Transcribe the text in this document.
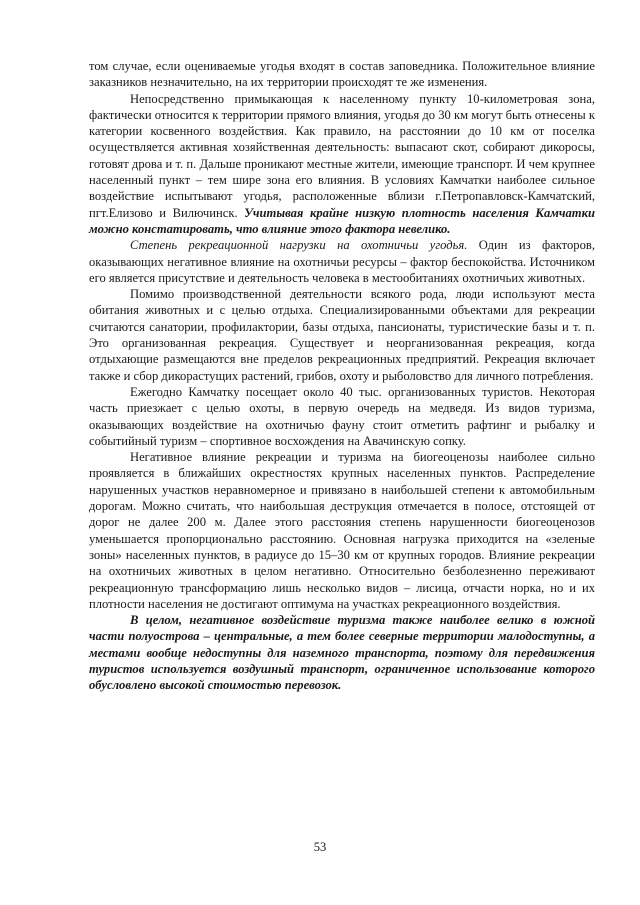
том случае, если оцениваемые угодья входят в состав заповедника. Положительное влияние заказников незначительно, на их территории происходят те же изменения.

Непосредственно примыкающая к населенному пункту 10-километровая зона, фактически относится к территории прямого влияния, угодья до 30 км могут быть отнесены к категории косвенного воздействия. Как правило, на расстоянии до 10 км от поселка осуществляется активная хозяйственная деятельность: выпасают скот, собирают дикоросы, готовят дрова и т. п. Дальше проникают местные жители, имеющие транспорт. И чем крупнее населенный пункт – тем шире зона его влияния. В условиях Камчатки наиболее сильное воздействие испытывают угодья, расположенные вблизи г.Петропавловск-Камчатский, пгт.Елизово и Вилючинск. Учитывая крайне низкую плотность населения Камчатки можно констатировать, что влияние этого фактора невелико.

Степень рекреационной нагрузки на охотничьи угодья. Один из факторов, оказывающих негативное влияние на охотничьи ресурсы – фактор беспокойства. Источником его является присутствие и деятельность человека в местообитаниях охотничьих животных.

Помимо производственной деятельности всякого рода, люди используют места обитания животных и с целью отдыха. Специализированными объектами для рекреации считаются санатории, профилактории, базы отдыха, пансионаты, туристические базы и т. п. Это организованная рекреация. Существует и неорганизованная рекреация, когда отдыхающие размещаются вне пределов рекреационных предприятий. Рекреация включает также и сбор дикорастущих растений, грибов, охоту и рыболовство для личного потребления.

Ежегодно Камчатку посещает около 40 тыс. организованных туристов. Некоторая часть приезжает с целью охоты, в первую очередь на медведя. Из видов туризма, оказывающих воздействие на охотничью фауну стоит отметить рафтинг и рыбалку и событийный туризм – спортивное восхождения на Авачинскую сопку.

Негативное влияние рекреации и туризма на биогеоценозы наиболее сильно проявляется в ближайших окрестностях крупных населенных пунктов. Распределение нарушенных участков неравномерное и привязано в наибольшей степени к автомобильным дорогам. Можно считать, что наибольшая деструкция отмечается в полосе, отстоящей от дорог не далее 200 м. Далее этого расстояния степень нарушенности биогеоценозов уменьшается пропорционально расстоянию. Основная нагрузка приходится на «зеленые зоны» населенных пунктов, в радиусе до 15–30 км от крупных городов. Влияние рекреации на охотничьих животных в целом негативно. Относительно безболезненно переживают рекреационную трансформацию лишь несколько видов – лисица, отчасти норка, но и их плотности населения не достигают оптимума на участках рекреационного воздействия.

В целом, негативное воздействие туризма также наиболее велико в южной части полуострова – центральные, а тем более северные территории малодоступны, а местами вообще недоступны для наземного транспорта, поэтому для передвижения туристов используется воздушный транспорт, ограниченное использование которого обусловлено высокой стоимостью перевозок.

53
